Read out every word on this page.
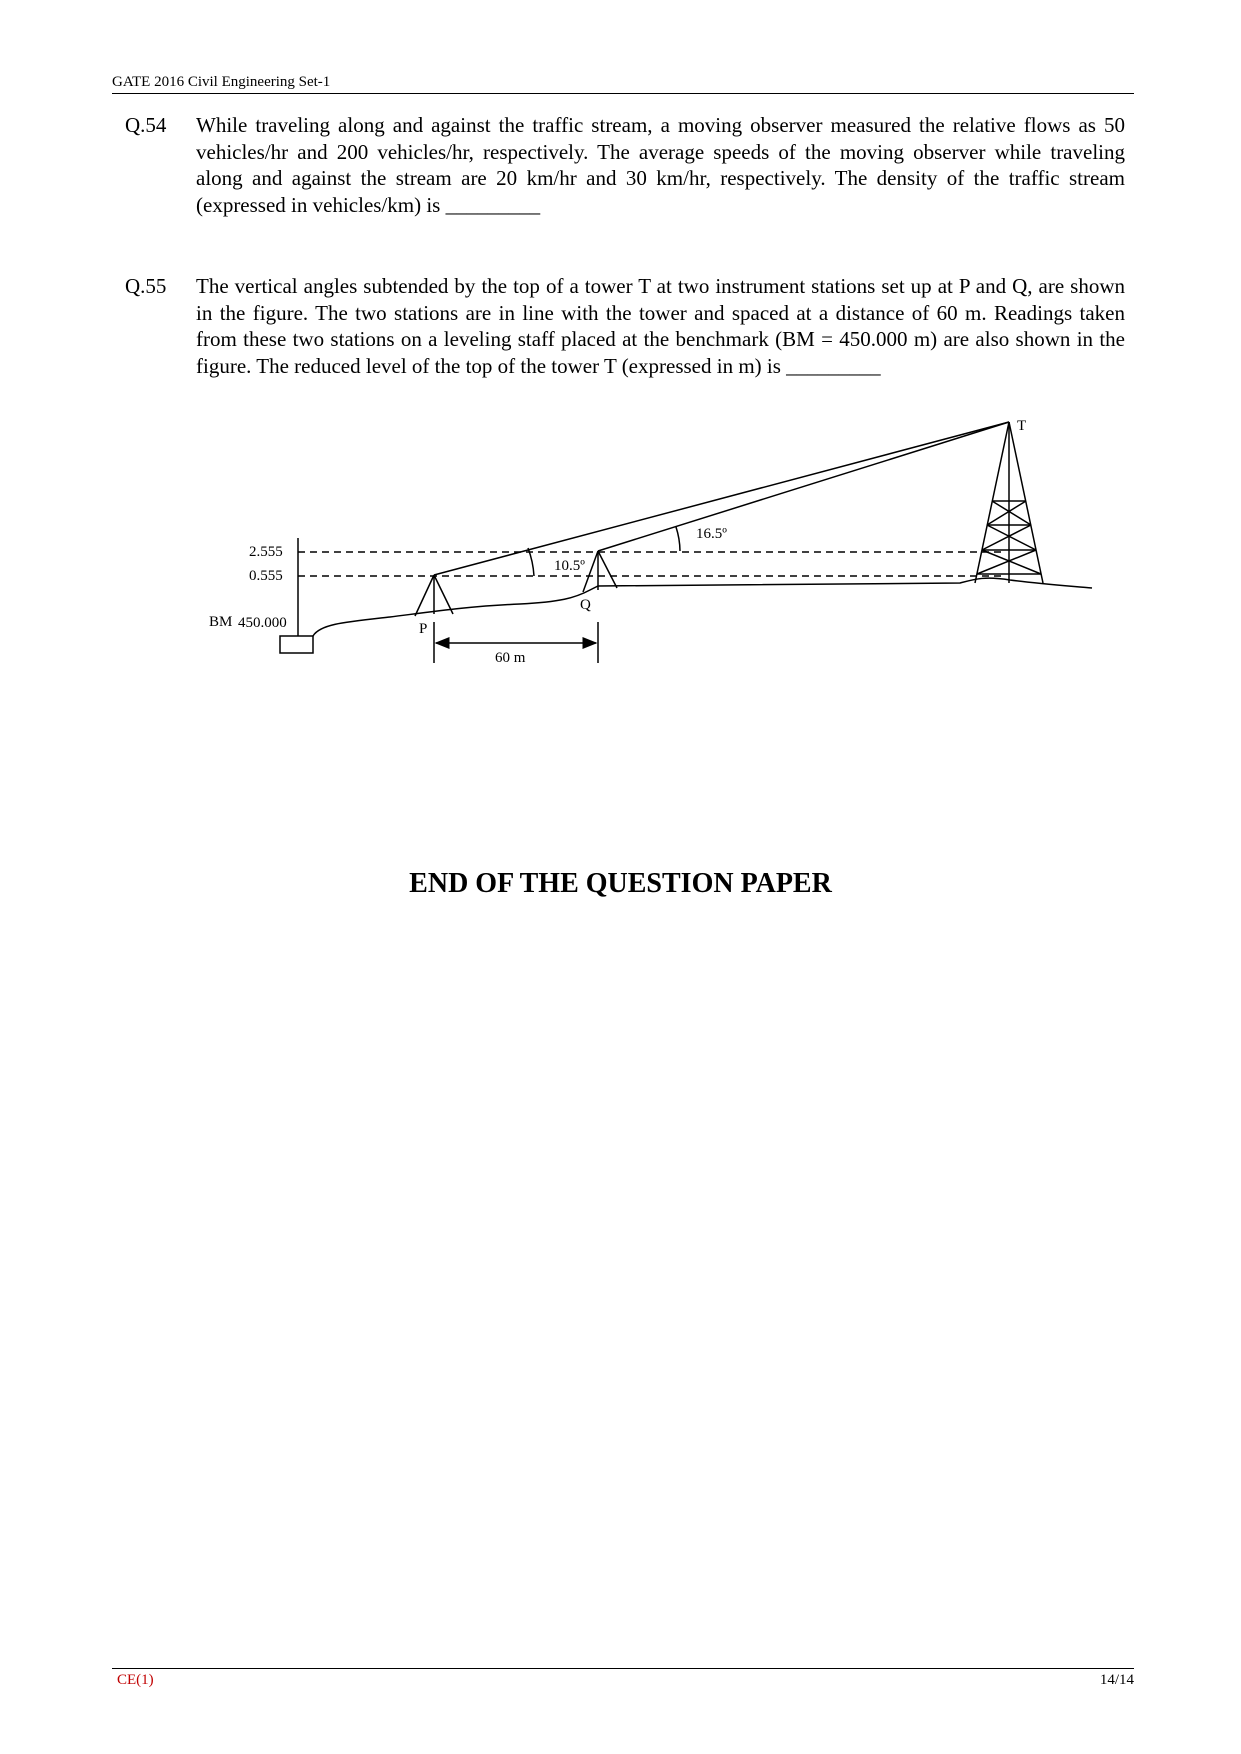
GATE 2016 Civil Engineering Set-1
Q.54 While traveling along and against the traffic stream, a moving observer measured the relative flows as 50 vehicles/hr and 200 vehicles/hr, respectively. The average speeds of the moving observer while traveling along and against the stream are 20 km/hr and 30 km/hr, respectively. The density of the traffic stream (expressed in vehicles/km) is _________
Q.55 The vertical angles subtended by the top of a tower T at two instrument stations set up at P and Q, are shown in the figure. The two stations are in line with the tower and spaced at a distance of 60 m. Readings taken from these two stations on a leveling staff placed at the benchmark (BM = 450.000 m) are also shown in the figure. The reduced level of the top of the tower T (expressed in m) is _________
T
2.555
0.555
BM 450.000	P
Q
10.5º
16.5º
60 m
END OF THE QUESTION PAPER
CE(1)	14/14
